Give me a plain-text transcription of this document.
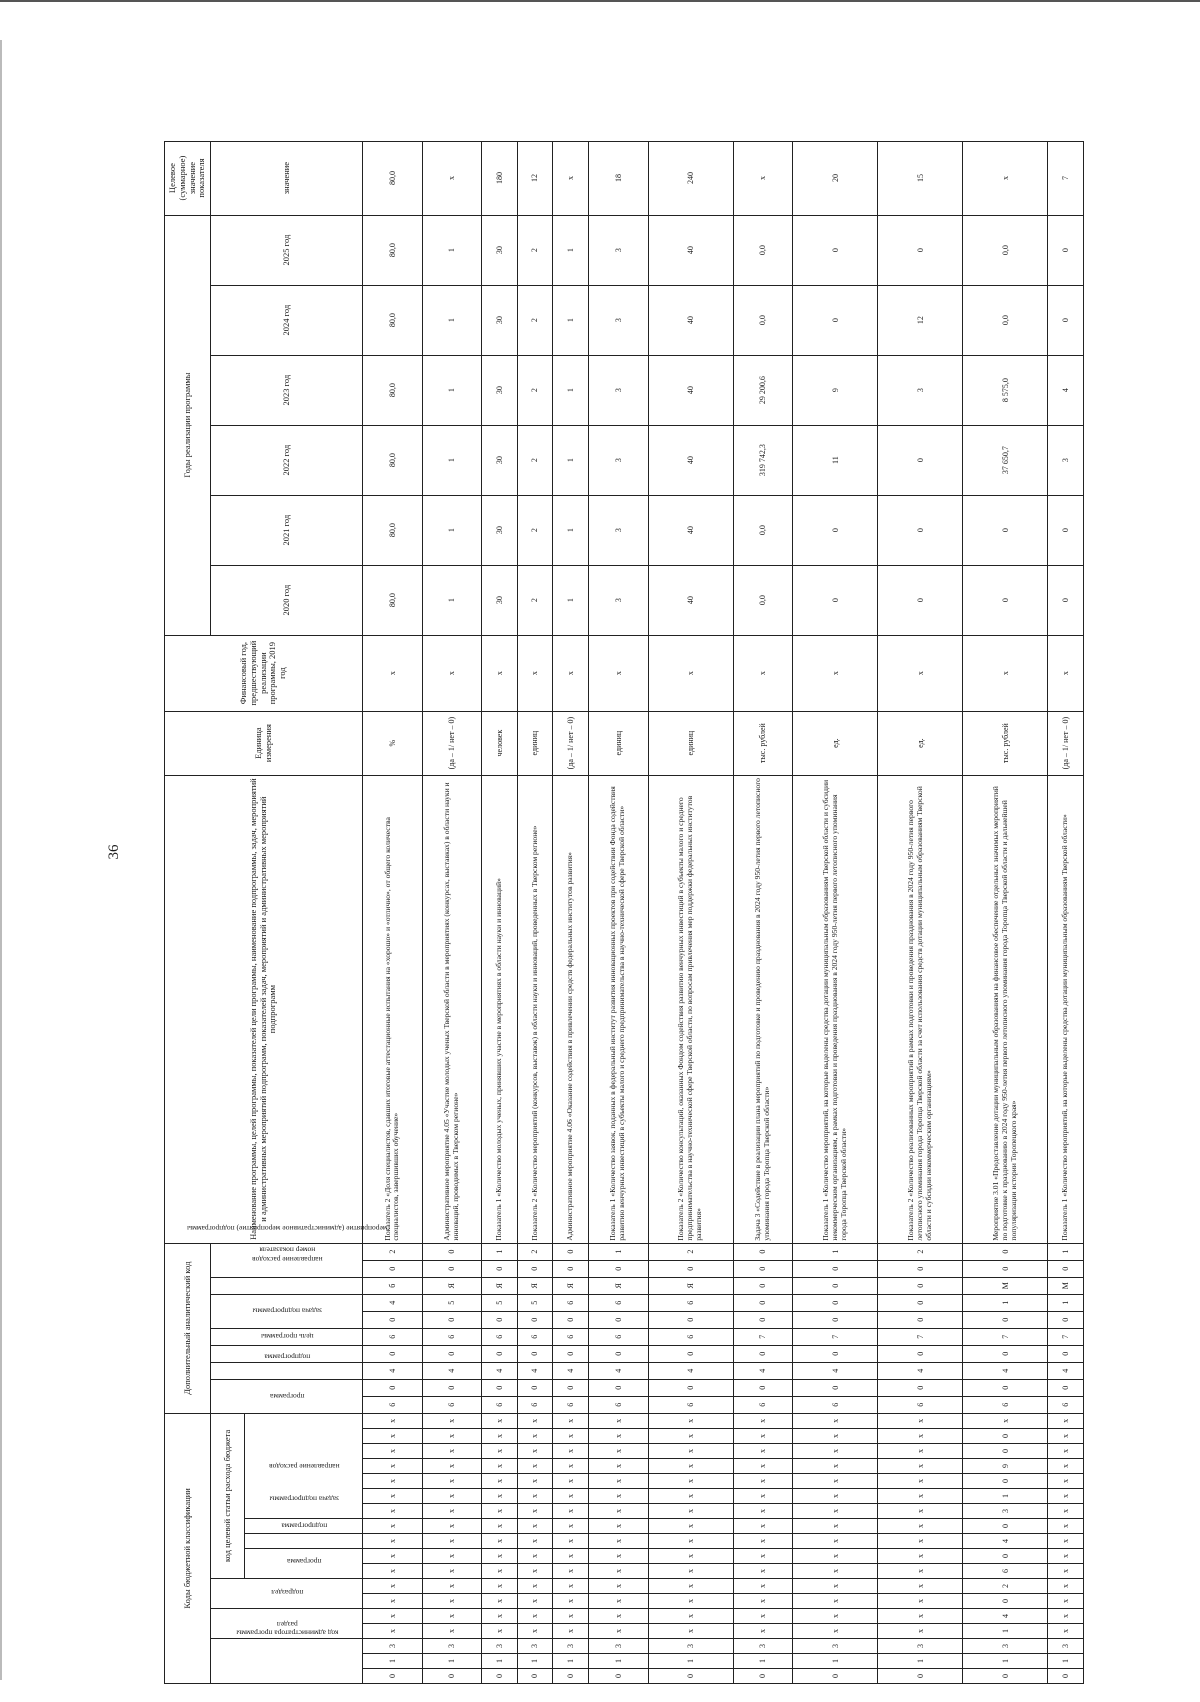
36
Коды бюджетной классификации																		Дополнительный аналитический код										Наименование программы, целей программы, показателей цели программы, наименование подпрограммы, задач, мероприятий и административных мероприятий подпрограмм, показателей задач, мероприятий и административных мероприятий подпрограмм	Единица измерения	Финансовый год, предшествующий реализации программы, 2019 год	Годы реализации программы						Целевое (суммарное) значение показателя
код администратора программы			раздел		подраздел		код целевой статьи расхода бюджета											программа		подпрограмма	цель программы	задача подпрограммы	мероприятие (административное мероприятие) подпрограммы		направление расходов	номер показателя					2020 год	2021 год	2022 год	2023 год	2024 год	2025 год	значение
							программа		подпрограмма	задача подпрограммы	направление расходов																										
0	1	3	x	x	x	x	x	x	x	x	x	x	x	x	x	x	x	6	0	4	0	6	0	4	б	0	2	Показатель 2 «Доля специалистов, сдавших итоговые аттестационные испытания на «хорошо» и «отлично», от общего количества специалистов, завершивших обучение»	%	x	80,0	80,0	80,0	80,0	80,0	80,0	80,0
0	1	3	x	x	x	x	x	x	x	x	x	x	x	x	x	x	x	6	0	4	0	6	0	5	Я	0	0	Административное мероприятие 4.05 «Участие молодых ученых Тверской области в мероприятиях (конкурсах, выставках) в области науки и инноваций, проводимых в Тверском регионе»	(да – 1/ нет – 0)	x	1	1	1	1	1	1	x
0	1	3	x	x	x	x	x	x	x	x	x	x	x	x	x	x	x	6	0	4	0	6	0	5	Я	0	1	Показатель 1 «Количество молодых ученых, принявших участие в мероприятиях в области науки и инноваций»	человек	x	30	30	30	30	30	30	180
0	1	3	x	x	x	x	x	x	x	x	x	x	x	x	x	x	x	6	0	4	0	6	0	5	Я	0	2	Показатель 2 «Количество мероприятий (конкурсов, выставок) в области науки и инноваций, проведенных в Тверском регионе»	единиц	x	2	2	2	2	2	2	12
0	1	3	x	x	x	x	x	x	x	x	x	x	x	x	x	x	x	6	0	4	0	6	0	6	Я	0	0	Административное мероприятие 4.06 «Оказание содействия в привлечении средств федеральных институтов развития»	(да – 1/ нет – 0)	x	1	1	1	1	1	1	x
0	1	3	x	x	x	x	x	x	x	x	x	x	x	x	x	x	x	6	0	4	0	6	0	6	Я	0	1	Показатель 1 «Количество заявок, поданных в федеральный институт развития инновационных проектов при содействии Фонда содействия развитию венчурных инвестиций в субъекты малого и среднего предпринимательства в научно-технической сфере Тверской области»	единиц	x	3	3	3	3	3	3	18
0	1	3	x	x	x	x	x	x	x	x	x	x	x	x	x	x	x	6	0	4	0	6	0	6	Я	0	2	Показатель 2 «Количество консультаций, оказанных Фондом содействия развитию венчурных инвестиций в субъекты малого и среднего предпринимательства в научно-технической сфере Тверской области, по вопросам привлечения мер поддержки федеральных институтов развития»	единиц	x	40	40	40	40	40	40	240
0	1	3	x	x	x	x	x	x	x	x	x	x	x	x	x	x	x	6	0	4	0	7	0	0	0	0	0	Задача 3 «Содействие в реализации плана мероприятий по подготовке и проведению празднования в 2024 году 950-летия первого летописного упоминания города Торопца Тверской области»	тыс. рублей	x	0,0	0,0	319 742,3	29 200,6	0,0	0,0	x
0	1	3	x	x	x	x	x	x	x	x	x	x	x	x	x	x	x	6	0	4	0	7	0	0	0	0	1	Показатель 1 «Количество мероприятий, на которые выделены средства дотации муниципальным образованиям Тверской области и субсидии некоммерческим организациям, в рамках подготовки и проведения празднования в 2024 году 950-летия первого летописного упоминания города Торопца Тверской области»	ед.	x	0	0	11	9	0	0	20
0	1	3	x	x	x	x	x	x	x	x	x	x	x	x	x	x	x	6	0	4	0	7	0	0	0	0	2	Показатель 2 «Количество реализованных мероприятий в рамках подготовки и проведения празднования в 2024 году 950-летия первого летописного упоминания города Торопца Тверской области за счет использования средств дотации муниципальным образованиям Тверской области и субсидии некоммерческим организациям»	ед.	x	0	0	0	3	12	0	15
0	1	3	1	4	0	2	6	0	4	0	3	1	0	9	0	0	x	6	0	4	0	7	0	1	М	0	0	Мероприятие 3.01 «Предоставление дотации муниципальным образованиям на финансовое обеспечение отдельных значимых мероприятий по подготовке к празднованию в 2024 году 950-летия первого летописного упоминания города Торопца Тверской области и дальнейшей популяризации истории Торопецкого края»	тыс. рублей	x	0	0	37 650,7	8 575,0	0,0	0,0	x
0	1	3	x	x	x	x	x	x	x	x	x	x	x	x	x	x	x	6	0	4	0	7	0	1	М	0	1	Показатель 1 «Количество мероприятий, на которые выделены средства дотации муниципальным образованиям Тверской области»	(да – 1/ нет – 0)	x	0	0	3	4	0	0	7
